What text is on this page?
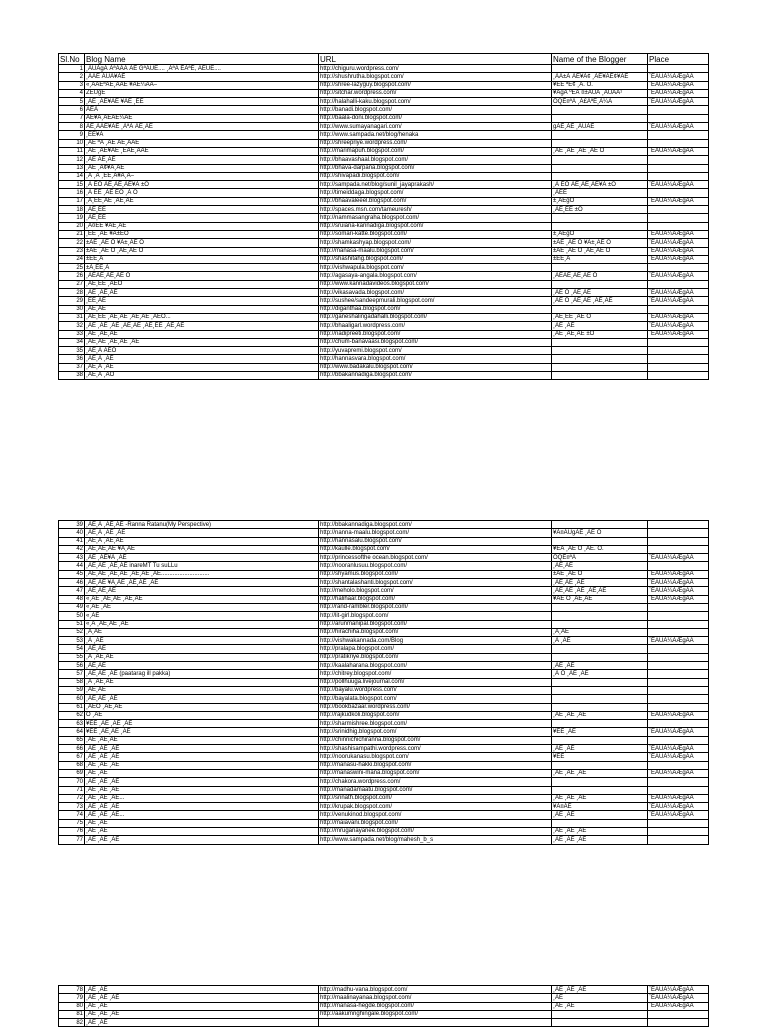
Sl.No	Blog Name	URL	Name of the Blogger	Place
1	¸ÀUÀgÀ ÀªÀÄÀ ÀÉ GªÁUE.... ¸ÀªÀ ÉÁªÉ, ÀÉUE....	http://chiguru.wordpress.com/		
2	¸ÀÄÉ ÀUÀ¥ÀÉ	http://shushrutha.blogspot.com/	¸ÀÄ±À ÀÉ¥À¢ ¸ÀÉ¥ÀÉ¢¥ÀÉ	¨ÉAUÀ¼ÀÆgÀÄ
3	«¸ÀÄÉªÀÉ¸ÀÄÉ ¥ÀÉ¼ÀÄ–	http://shree-lazyguy.blogspot.com/	¥ÉÉ ªÉ¢ ¸À. Ö.	¨ÉAUÀ¼ÀÆgÀÄ
4	ZÉUgÉ	http://sitchar.wordpress.com/	¥ÀgÀ ºÉÀ ¤±ÀUÀ ¸ÀUÀA¹	¨ÉAUÀ¼ÀÆgÀÄ
5	¸ÀÉ ¸ÀÉ¥ÀÉ ¥ÀÉ ¸ÉÉ	http://halahalli-kaku.blogspot.com/	ÖQÉ¤ªÀ ¸À£ÀªÉ¸À¼À	¨ÉAUÀ¼ÀÆgÀÄ
6	ÀÉÀ	http://banadi.blogspot.com/		
7	ÀÉ¥À¸ÀÉÀÉ¼ÀÉ	http://baala-doni.blogspot.com/		
8	ÀÉ¸ÀÄÉ¥ÀÉ ¸ÀªÀ ÀÉ¸ÀÉ	http://www.sumayanagari.com/	gÀÉ¸ÀÉ ¸ÀUÀÉ	¨ÉAUÀ¼ÀÆgÀÄ
9	¸ÉÉ¥À	http://www.sampada.net/blog/henaka		
10	¸ÀÉ ªÀ ¸ÀÉ ÀÉ¸ÀÄÉ	http://shreepriye.wordpress.com/		
11	¸ÀÉ ¸ÀÉ¥ÀÉ ¸ÉÀÉ¸ÀÄÉ	http://marimapuh.blogspot.com/	¸ÀÉ ¸ÀÉ ¸ÀÉ ¸ÀÉ Ö	¨ÉAUÀ¼ÀÆgÀÄ
12	¸ÀÉ ÀÉ¸ÀÉ	http://bhaavashaal.blogspot.com/		
13	¸ÀÉ ¸À¢¥À¸ÀÉ	http://bhava-darpana.blogspot.com/		
14	¸À ¸À ¸ÉÉ¸À¥À¸À–	http://shivapadi.blogspot.com/		
15	¸À ÉÖ ÀÉ¸ÀÉ¸ÀÉ¥À ±Ö	http://sampada.net/blog/sunil_jayaprakash/	¸À ÉÖ ÀÉ¸ÀÉ¸ÀÉ¥À ±Ö	¨ÉAUÀ¼ÀÆgÀÄ
16	¸À ÉÉ ¸ÀÉ ÉÖ ¸À Ö	http://timeiddaga.blogspot.com/	¸ÀÉÉ	
17	¸À¸ÉÉ¸ÀÉ ¸ÀÉ¸ÀÉ	http://bhaavaleeel.blogspot.com/	±¸ÀÉgÖ	¨ÉAUÀ¼ÀÆgÀÄ
18	¸ÀÉ¸ÉÉ	http://spaces.msn.com/tameuresh/	¸ÀÉ¸ÉÉ ±Ö	
19	¸ÀÉ¸ÉÉ	http://nammasangraha.blogspot.com/		
20	¸À¤ÉÉ ¥ÀÉ¸ÀÉ	http://sruiana-kannadiga.blogspot.com/		
21	¸ÉÉ ¸ÀÉ ¥À±ÉÖ	http://somari-katte.blogspot.com/	±¸ÀÉgÖ	¨ÉAUÀ¼ÀÆgÀÄ
22	±ÀÉ ¸ÀÉ Ö ¥À±¸ÀÉ Ö	http://shamkashyap.blogspot.com/	±ÀÉ ¸ÀÉ Ö ¥À±¸ÀÉ Ö	¨ÉAUÀ¼ÀÆgÀÄ
23	±ÀÉ ¸ÀÉ Ö ¸ÀÉ¸ÀÉ Ö	http://manasa-maalu.blogspot.com/	±ÀÉ ¸ÀÉ Ö ¸ÀÉ¸ÀÉ Ö	¨ÉAUÀ¼ÀÆgÀÄ
24	±ÉÉ¸À	http://shashitahg.blogspot.com/	±ÉÉ¸À	¨ÉAUÀ¼ÀÆgÀÄ
25	±À¸ÉÉ¸À	http://vishwapula.blogspot.com/		
26	¸ÀÉÀÉ¸ÀÉ¸ÀÉ Ö	http://agasaya-angala.blogspot.com/	¸ÀÉÀÉ¸ÀÉ¸ÀÉ Ö	¨ÉAUÀ¼ÀÆgÀÄ
27	¸ÀÉ¸ÉÉ ¸ÀÉÖ	http://www.kannadavideos.blogspot.com/		
28	¸ÀÉ ¸ÀÉ¸ÀÉ	http://vikasavada.blogspot.com/	¸ÀÉ Ö ¸ÀÉ¸ÀÉ	¨ÉAUÀ¼ÀÆgÀÄ
29	¸ÉÉ¸ÀÉ	http://sushee/sandeepmurali.blogspot.com/	¸ÀÉ Ö ¸ÀÉ¸ÀÉ ¸ÀÉ¸ÀÉ	¨ÉAUÀ¼ÀÆgÀÄ
30	¸ÀÉ¸ÀÉ	http://diganthaa.blogspot.com/		
31	¸ÀÉ¸ÉÉ ¸ÀÉ¸ÀÉ ¸ÀÉ¸ÀÉ ¸ÀÉÖ...	http://ganeshalingadahalli.blogspot.com/	¸ÀÉ¸ÉÉ ¸ÀÉ Ö	¨ÉAUÀ¼ÀÆgÀÄ
32	¸ÀÉ ¸ÀÉ ¸ÀÉ ¸ÀÉ¸ÀÉ ¸ÀÉ¸ÉÉ ¸ÀÉ¸ÀÉ	http://bhaaligarl.wordpress.com/	¸ÀÉ ¸ÀÉ	¨ÉAUÀ¼ÀÆgÀÄ
33	¸ÀÉ ¸ÀÉ¸ÀÉ	http://nadipreeti.blogspot.com/	¸ÀÉ ¸ÀÉ¸ÀÉ ±Ö	¨ÉAUÀ¼ÀÆgÀÄ
34	¸ÀÉ¸ÀÉ ¸ÀÉ¸ÀÉ ¸ÀÉ	http://chum-banavaasi.blogspot.com/		
35	¸ÀÉ¸À ÀÉÖ	http://yuvapremi.blogspot.com/		
36	¸ÀÉ¸À ¸ÀÉ	http://hannasvara.blogspot.com/		
37	¸ÀÉ¸À ¸ÀÉ	http://www.badakalu.blogspot.com/		
38	¸ÀÉ¸À ¸ÀÖ	http://bbakannadiga.blogspot.com/		
39	¸ÀÉ¸À ¸ÀÉ¸ÀÉ -Ranna Ratanu(My Perspective)	http://bbakannadiga.blogspot.com/		
40	¸ÀÉ¸À ¸ÀÉ ¸ÀÉ	http://nanna-maalu.blogspot.com/	¥À¤ÀUgÀÉ ¸ÀÉ Ö	
41	¸ÀÉ¸À ¸ÀÉ¸ÀÉ	http://hannasalu.blogspot.com/		
42	¸ÀÉ¸ÀÉ¸ÀÉ ¥À¸ÀÉ	http://kaulle.blogspot.com/	¥ÉÀ ¸ÀÉ Ö ¸ÀÉ. Ö.	
43	¸ÀÉ ¸ÀÉ¥À ¸ÀÉ	http://princessofthe ocean.blogspot.com/	ÖQÉ¤ªÀ	¨ÉAUÀ¼ÀÆgÀÄ
44	¸ÀÉ¸ÀÉ ¸ÀÉ¸ÀÉ inareMT Tu suLLu	http://nooranlusuu.blogspot.com/	¸ÀÉ¸ÀÉ	
45	¸ÀÉ¸ÀÉ ¸ÀÉ¸ÀÉ ¸ÀÉ¸ÀÉ ¸ÀÉ.............................	http://shyamus.blogspot.com/	±ÀÉ ¸ÀÉ Ö	¨ÉAUÀ¼ÀÆgÀÄ
46	¸ÀÉ¸ÀÉ ¥À¸ÀÉ ¸ÀÉ¸ÀÉ ¸ÀÉ	http://shantalashanti.blogspot.com/	¸ÀÉ¸ÀÉ ¸ÀÉ	¨ÉAUÀ¼ÀÆgÀÄ
47	¸ÀÉ¸ÀÉ¸ÀÉ	http://meholo.blogspot.com/	¸ÀÉ¸ÀÉ ¸ÀÉ ¸ÀÉ¸ÀÉ	¨ÉAUÀ¼ÀÆgÀÄ
48	«¸ÀÉ ¸ÀÉ¸ÀÉ ¸ÀÉ¸ÀÉ	http://halihaar.blogspot.com/	¥ÀÉ Ö ¸ÀÉ¸ÀÉ	¨ÉAUÀ¼ÀÆgÀÄ
49	«¸ÀÉ ¸ÀÉ	http://rand-rambler.blogspot.com/		
50	«¸ÀÉ	http://lit-girl.blogspot.com/		
51	«¸À ¸ÀÉ¸ÀÉ ¸ÀÉ	http://arunmanipal.blogspot.com/		
52	¸À¸ÀÉ	http://hirachiha.blogspot.com/	¸À¸ÀÉ	
53	¸À ¸ÀÉ	http://vishwakannada.com/Blog	¸À ¸ÀÉ	¨ÉAUÀ¼ÀÆgÀÄ
54	¸ÀÉ¸ÀÉ	http://pralapa.blogspot.com/		
55	¸À ¸ÀÉ¸ÀÉ	http://pratikriye.blogspot.com/		
56	¸ÀÉ¸ÀÉ	http://kaalaharana.blogspot.com/	¸ÀÉ ¸ÀÉ	
57	¸ÀÉ¸ÀÉ ¸ÀÉ (paatarag ill pakka)	http://chitrey.blogspot.com/	¸À Ö ¸ÀÉ ¸ÀÉ	
58	¸À ¸ÀÉ¸ÀÉ	http://pollhuuga.livejournal.com/		
59	¸ÀÉ¸ÀÉ	http://bayalu.wordpress.com/		
60	¸ÀÉ¸ÀÉ ¸ÀÉ	http://bayalata.blogspot.com/		
61	¸ÀÉÖ ¸ÀÉ¸ÀÉ	http://bookbazaar.wordpress.com/		
62	Ö ¸ÀÉ	http://rajkudkoli.blogspot.com/	¸ÀÉ ¸ÀÉ ¸ÀÉ	¨ÉAUÀ¼ÀÆgÀÄ
63	¥ÉÉ ¸ÀÉ ¸ÀÉ ¸ÀÉ	http://sharmishree.blogspot.com/		
64	¥ÉÉ ¸ÀÉ¸ÀÉ ¸ÀÉ	http://srinidhig.blogspot.com/	¥ÉÉ ¸ÀÉ	¨ÉAUÀ¼ÀÆgÀÄ
65	¸ÀÉ ¸ÀÉ¸ÀÉ	http://chinnichichiranna.blogspot.com/		
66	¸ÀÉ ¸ÀÉ ¸ÀÉ	http://shashisampathi.wordpress.com/	¸ÀÉ ¸ÀÉ	¨ÉAUÀ¼ÀÆgÀÄ
67	¸ÀÉ ¸ÀÉ ¸ÀÉ	http://noorukanasu.blogspot.com/	¥ÉÉ	¨ÉAUÀ¼ÀÆgÀÄ
68	¸ÀÉ ¸ÀÉ ¸ÀÉ	http://manasu-hakki.blogspot.com/		
69	¸ÀÉ ¸ÀÉ	http://manaswini-mana.blogspot.com/	¸ÀÉ ¸ÀÉ ¸ÀÉ	¨ÉAUÀ¼ÀÆgÀÄ
70	¸ÀÉ ¸ÀÉ ¸ÀÉ	http://chakora.wordpress.com/		
71	¸ÀÉ ¸ÀÉ ¸ÀÉ	http://manadamaatu.blogspot.com/		
72	¸ÀÉ ¸ÀÉ ¸ÀÉ...	http://srinath.blogspot.com/	¸ÀÉ ¸ÀÉ ¸ÀÉ	¨ÉAUÀ¼ÀÆgÀÄ
73	¸ÀÉ ¸ÀÉ ¸ÀÉ	http://krupak.blogspot.com/	¥À¤ÀÉ	¨ÉAUÀ¼ÀÆgÀÄ
74	¸ÀÉ ¸ÀÉ ¸ÀÉ...	http://venukinod.blogspot.com/	¸ÀÉ ¸ÀÉ	¨ÉAUÀ¼ÀÆgÀÄ
75	¸ÀÉ ¸ÀÉ	http://maiavani.blogspot.com/		
76	¸ÀÉ ¸ÀÉ	http://mruganayanee.blogspot.com/	¸ÀÉ ¸ÀÉ ¸ÀÉ	
77	¸ÀÉ ¸ÀÉ ¸ÀÉ	http://www.sampada.net/blog/mahesh_b_s	¸ÀÉ ¸ÀÉ ¸ÀÉ	
78	¸ÀÉ ¸ÀÉ	http://madhu-vana.blogspot.com/	¸ÀÉ ¸ÀÉ ¸ÀÉ	¨ÉAUÀ¼ÀÆgÀÄ
79	¸ÀÉ ¸ÀÉ ¸ÀÉ	http://maalinayanaa.blogspot.com/	¸ÀÉ	¨ÉAUÀ¼ÀÆgÀÄ
80	¸ÀÉ ¸ÀÉ	http://manasa-hegde.blogspot.com/	¸ÀÉ ¸ÀÉ	¨ÉAUÀ¼ÀÆgÀÄ
81	¸ÀÉ ¸ÀÉ ¸ÀÉ	http://aakumrighingale.blogspot.com/		
82	¸ÀÉ ¸ÀÉ			
